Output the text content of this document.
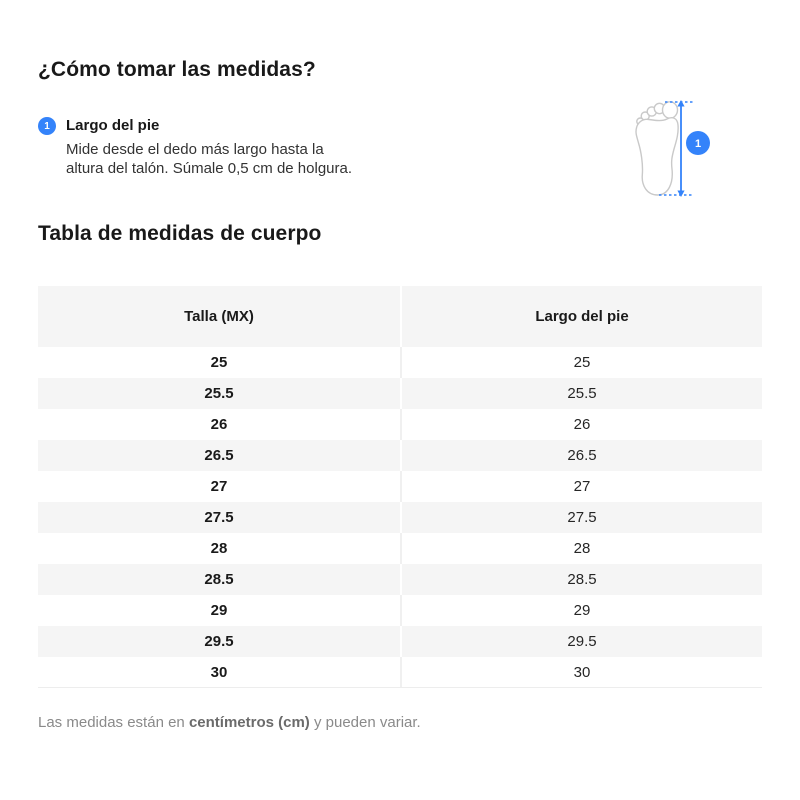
¿Cómo tomar las medidas?
1 Largo del pie
Mide desde el dedo más largo hasta la
altura del talón. Súmale 0,5 cm de holgura.
1
Tabla de medidas de cuerpo
Talla (MX)	Largo del pie
25	25
25.5	25.5
26	26
26.5	26.5
27	27
27.5	27.5
28	28
28.5	28.5
29	29
29.5	29.5
30	30

Las medidas están en centímetros (cm) y pueden variar.
